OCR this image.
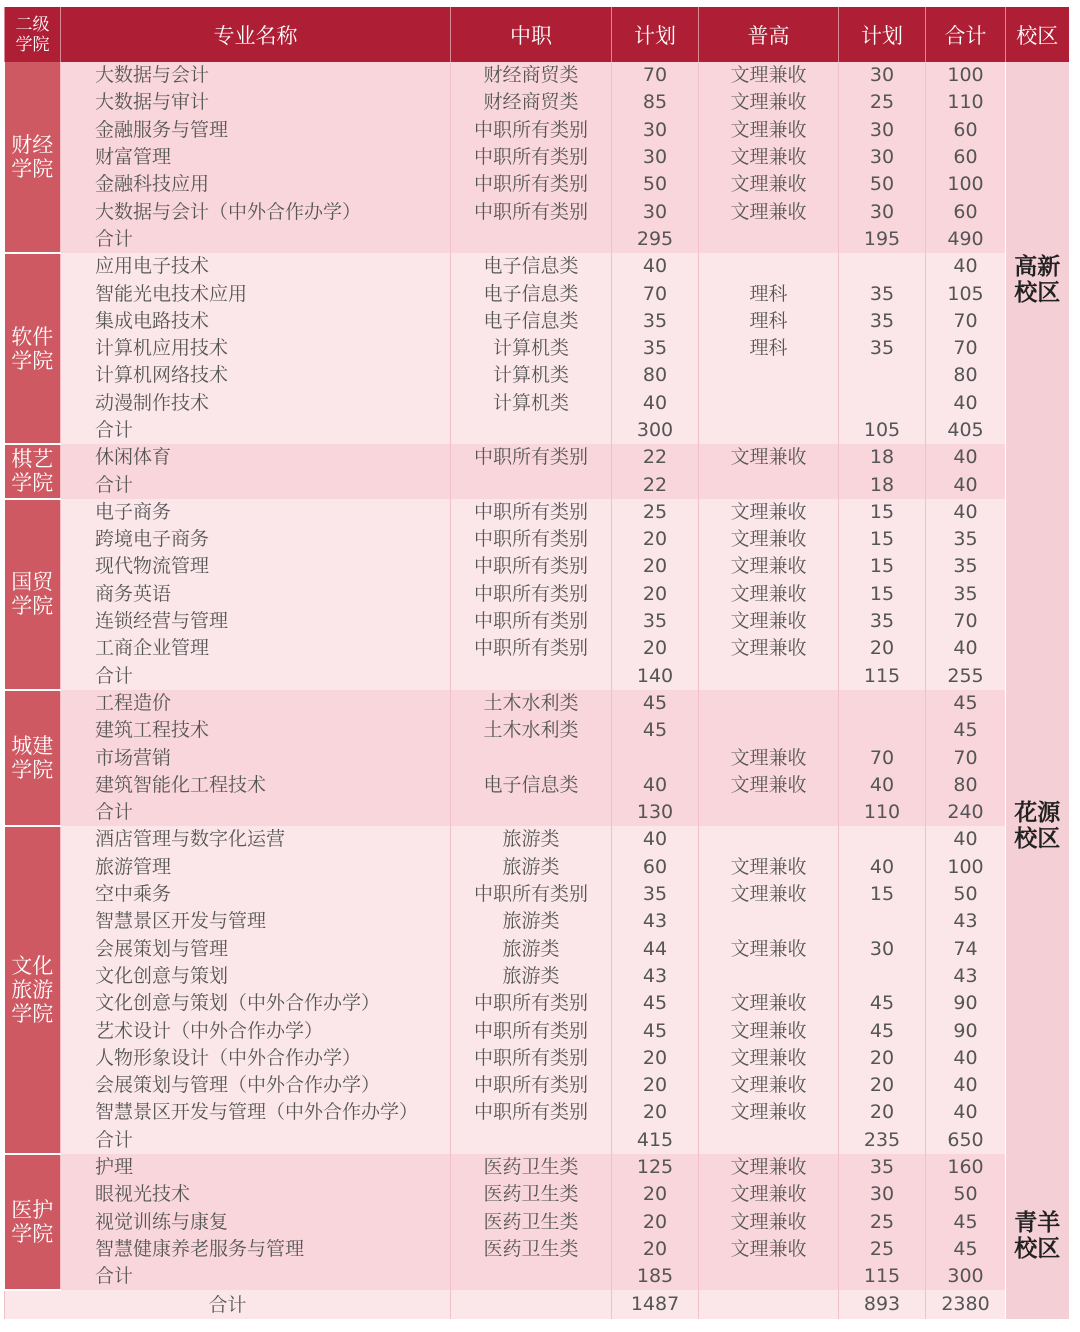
二级学院	专业名称	中职	计划	普高	计划	合计	校区
财经学院	大数据与会计	财经商贸类	70	文理兼收	30	100	高新校区
	大数据与审计	财经商贸类	85	文理兼收	25	110	
	金融服务与管理	中职所有类别	30	文理兼收	30	60	
	财富管理	中职所有类别	30	文理兼收	30	60	
	金融科技应用	中职所有类别	50	文理兼收	50	100	
	大数据与会计（中外合作办学）	中职所有类别	30	文理兼收	30	60	
	合计		295		195	490	
软件学院	应用电子技术	电子信息类	40			40	
	智能光电技术应用	电子信息类	70	理科	35	105	
	集成电路技术	电子信息类	35	理科	35	70	
	计算机应用技术	计算机类	35	理科	35	70	
	计算机网络技术	计算机类	80			80	
	动漫制作技术	计算机类	40			40	
	合计		300		105	405	
棋艺学院	休闲体育	中职所有类别	22	文理兼收	18	40	
	合计		22		18	40	
国贸学院	电子商务	中职所有类别	25	文理兼收	15	40	花源校区
	跨境电子商务	中职所有类别	20	文理兼收	15	35	
	现代物流管理	中职所有类别	20	文理兼收	15	35	
	商务英语	中职所有类别	20	文理兼收	15	35	
	连锁经营与管理	中职所有类别	35	文理兼收	35	70	
	工商企业管理	中职所有类别	20	文理兼收	20	40	
	合计		140		115	255	
城建学院	工程造价	土木水利类	45			45	
	建筑工程技术	土木水利类	45			45	
	市场营销			文理兼收	70	70	
	建筑智能化工程技术	电子信息类	40	文理兼收	40	80	
	合计		130		110	240	
文化旅游学院	酒店管理与数字化运营	旅游类	40			40	
	旅游管理	旅游类	60	文理兼收	40	100	
	空中乘务	中职所有类别	35	文理兼收	15	50	
	智慧景区开发与管理	旅游类	43			43	
	会展策划与管理	旅游类	44	文理兼收	30	74	
	文化创意与策划	旅游类	43			43	
	文化创意与策划（中外合作办学）	中职所有类别	45	文理兼收	45	90	
	艺术设计（中外合作办学）	中职所有类别	45	文理兼收	45	90	
	人物形象设计（中外合作办学）	中职所有类别	20	文理兼收	20	40	
	会展策划与管理（中外合作办学）	中职所有类别	20	文理兼收	20	40	
	智慧景区开发与管理（中外合作办学）	中职所有类别	20	文理兼收	20	40	
	合计		415		235	650	
医护学院	护理	医药卫生类	125	文理兼收	35	160	青羊校区
	眼视光技术	医药卫生类	20	文理兼收	30	50	
	视觉训练与康复	医药卫生类	20	文理兼收	25	45	
	智慧健康养老服务与管理	医药卫生类	20	文理兼收	25	45	
	合计		185		115	300	
合计			1487		893	2380	
